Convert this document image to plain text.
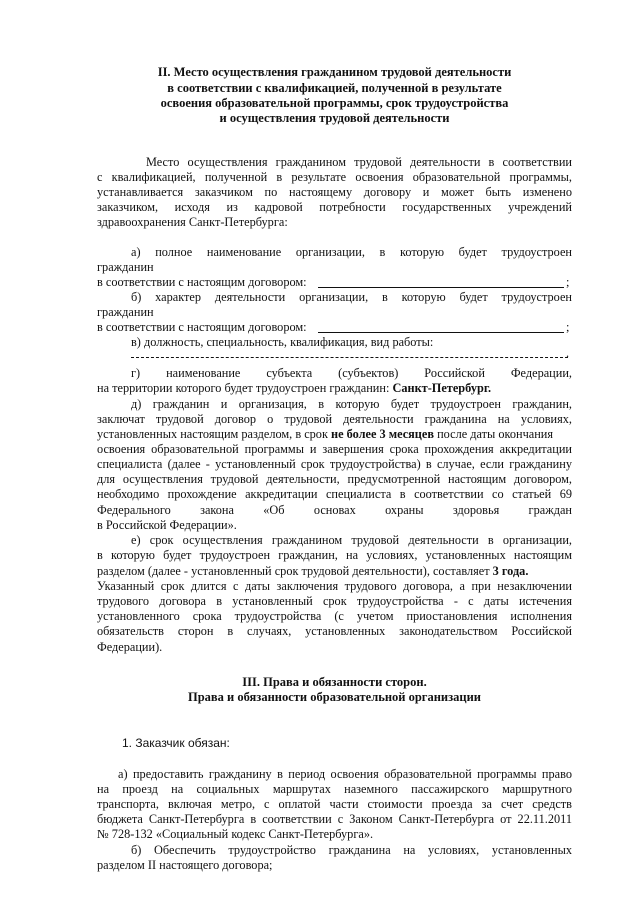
II. Место осуществления гражданином трудовой деятельности
в соответствии с квалификацией, полученной в результате
освоения образовательной программы, срок трудоустройства
и осуществления трудовой деятельности
Место осуществления гражданином трудовой деятельности в соответствии
с квалификацией, полученной в результате освоения образовательной программы,
устанавливается заказчиком по настоящему договору и может быть изменено
заказчиком, исходя из кадровой потребности государственных учреждений
здравоохранения Санкт-Петербурга:
а) полное наименование организации, в которую будет трудоустроен
гражданин
в соответствии с настоящим договором:	;
б) характер деятельности организации, в которую будет трудоустроен
гражданин
в соответствии с настоящим договором:	;
в) должность, специальность, квалификация, вид работы:
.
г) наименование субъекта (субъектов) Российской Федерации,
на территории которого будет трудоустроен гражданин: Санкт-Петербург.
д) гражданин и организация, в которую будет трудоустроен гражданин,
заключат трудовой договор о трудовой деятельности гражданина на условиях,
установленных настоящим разделом, в срок не более 3 месяцев после даты окончания
освоения образовательной программы и завершения срока прохождения аккредитации
специалиста (далее - установленный срок трудоустройства) в случае, если гражданину
для осуществления трудовой деятельности, предусмотренной настоящим договором,
необходимо прохождение аккредитации специалиста в соответствии со статьей 69
Федерального закона «Об основах охраны здоровья граждан
в Российской Федерации».
е) срок осуществления гражданином трудовой деятельности в организации,
в которую будет трудоустроен гражданин, на условиях, установленных настоящим
разделом (далее - установленный срок трудовой деятельности), составляет 3 года.
Указанный срок длится с даты заключения трудового договора, а при незаключении
трудового договора в установленный срок трудоустройства - с даты истечения
установленного срока трудоустройства (с учетом приостановления исполнения
обязательств сторон в случаях, установленных законодательством Российской
Федерации).
III. Права и обязанности сторон.
Права и обязанности образовательной организации
1. Заказчик обязан:
а) предоставить гражданину в период освоения образовательной программы право
на проезд на социальных маршрутах наземного пассажирского маршрутного
транспорта, включая метро, с оплатой части стоимости проезда за счет средств
бюджета Санкт-Петербурга в соответствии с Законом Санкт-Петербурга от 22.11.2011
№ 728-132 «Социальный кодекс Санкт-Петербурга».
б) Обеспечить трудоустройство гражданина на условиях, установленных
разделом II настоящего договора;
